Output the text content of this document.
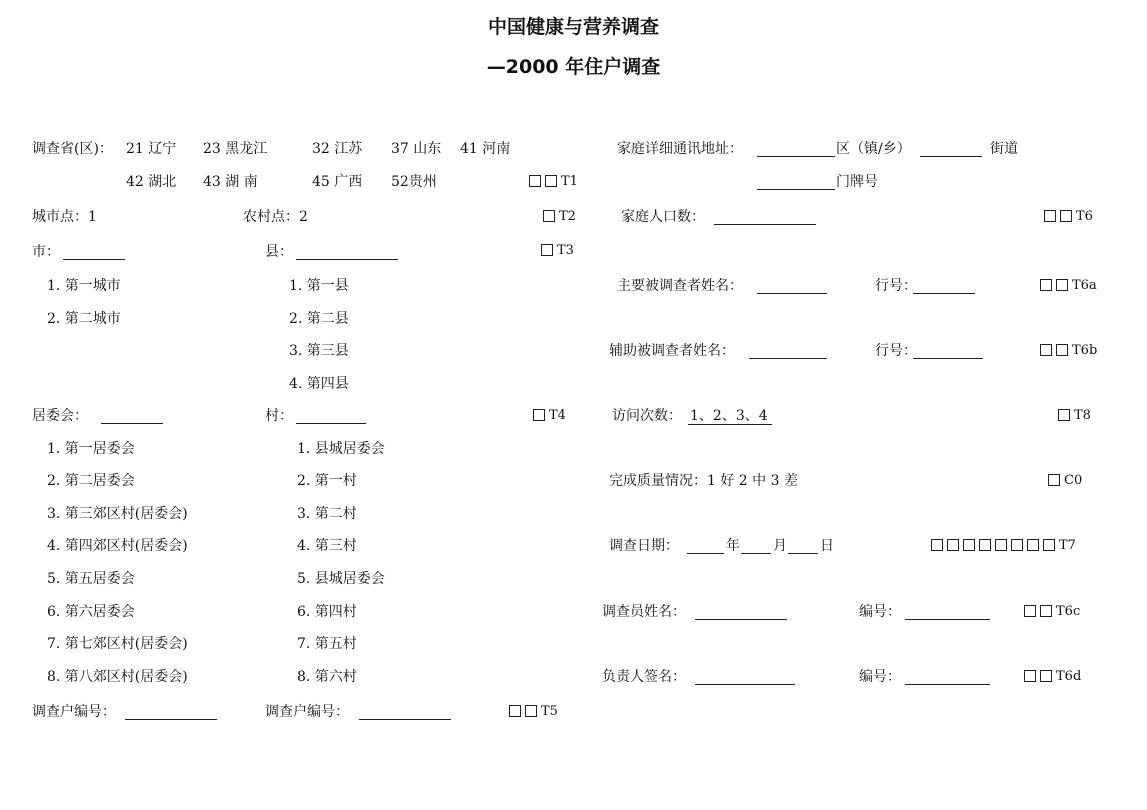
中国健康与营养调查
—2000 年住户调查
调查省(区)： 21 辽宁 23 黑龙江	32 江苏 37 山东 41 河南
42 湖北 43 湖 南	45 广西 52贵州	T1
城市点：1	农村点：2	T2
市：	县：	T3
1. 第一城市
2. 第二城市
1. 第一县
2. 第二县
3. 第三县
4. 第四县
居委会：	村：	T4
1. 第一居委会
2. 第二居委会
3. 第三郊区村(居委会)
4. 第四郊区村(居委会)
5. 第五居委会
6. 第六居委会
7. 第七郊区村(居委会)
8. 第八郊区村(居委会)
1. 县城居委会
2. 第一村
3. 第二村
4. 第三村
5. 县城居委会
6. 第四村
7. 第五村
8. 第六村
调查户编号：	调查户编号：	T5
家庭详细通讯地址：	区（镇/乡）	街道
门牌号
家庭人口数：	T6
主要被调查者姓名：	行号：	T6a
辅助被调查者姓名：	行号：	T6b
访问次数： 1、2、3、4	T8
完成质量情况：1 好 2 中 3 差	C0
调查日期：	年 月 日	T7
调查员姓名：	编号：	T6c
负责人签名：	编号：	T6d
